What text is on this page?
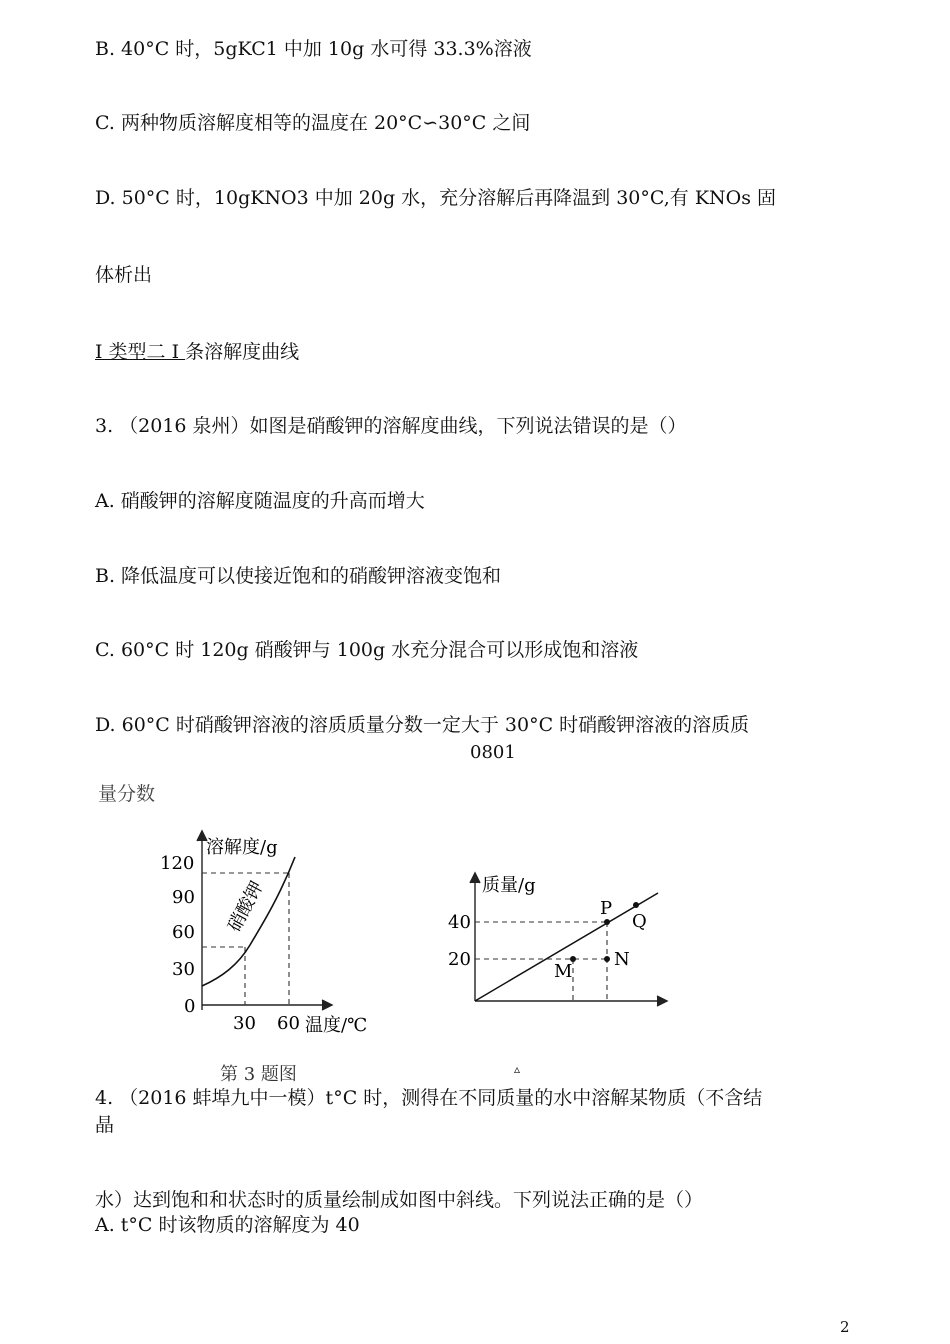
B. 40°C 时，5gKC1 中加 10g 水可得 33.3%溶液
C. 两种物质溶解度相等的温度在 20°C∽30°C 之间
D. 50°C 时，10gKNO3 中加 20g 水，充分溶解后再降温到 30°C,有 KNOs 固
体析出
I 类型二 I 条溶解度曲线
3. （2016 泉州）如图是硝酸钾的溶解度曲线，下列说法错误的是（）
A. 硝酸钾的溶解度随温度的升高而增大
B. 降低温度可以使接近饱和的硝酸钾溶液变饱和
C. 60°C 时 120g 硝酸钾与 100g 水充分混合可以形成饱和溶液
D. 60°C 时硝酸钾溶液的溶质质量分数一定大于 30°C 时硝酸钾溶液的溶质质
0801
量分数
溶解度/g
硝酸钾
120
90
60
30
0
30 60 温度/℃
第 3 题图
质量/g
40
20
P
Q
M
N
▵
4. （2016 蚌埠九中一模）t°C 时，测得在不同质量的水中溶解某物质（不含结
晶
水）达到饱和和状态时的质量绘制成如图中斜线。下列说法正确的是（）
A. t°C 时该物质的溶解度为 40
2
